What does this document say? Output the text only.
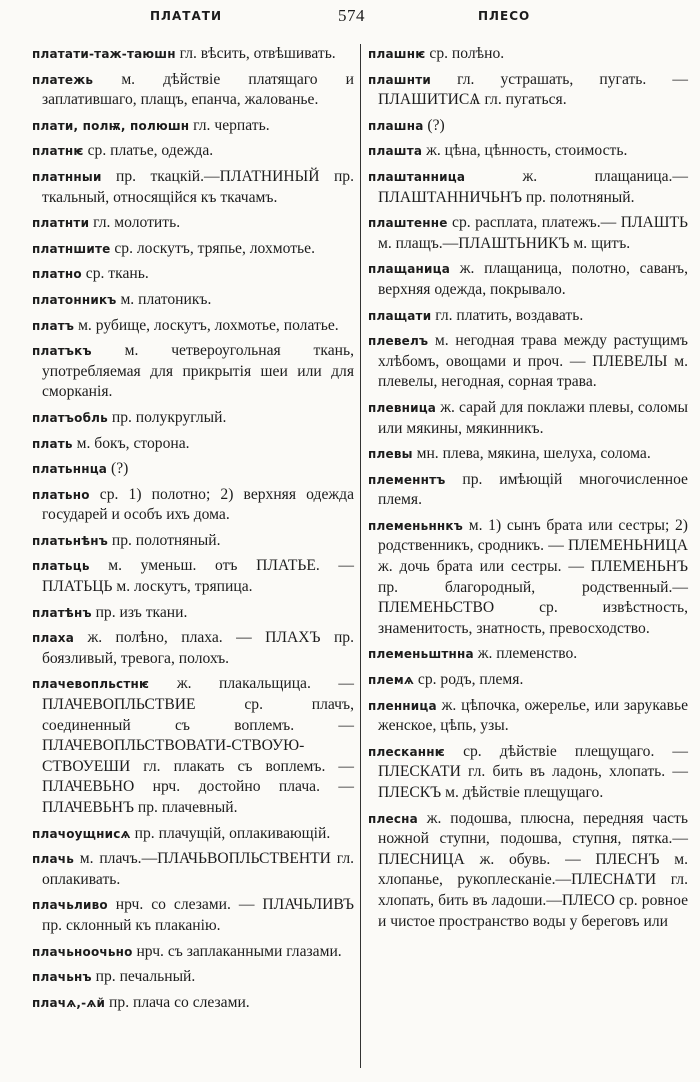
ПЛАТАТИ	574	ПЛЕСО

платати-таж-таюшн гл. вѣсить, отвѣшивать.

платежь м. дѣйствіе платящаго и заплатившаго, плащъ, епанча, жалованье.

плати, полѭ, полюшн гл. черпать.

платнѥ ср. платье, одежда.

платнныи пр. ткацкій.—ПЛАТНИНЫЙ пр. ткальный, относящійся къ ткачамъ.

платнти гл. молотить.

платншите ср. лоскутъ, тряпье, лохмотье.

платно ср. ткань.

платонникъ м. платоникъ.

платъ м. рубище, лоскутъ, лохмотье, полатье.

платъкъ м. четвероугольная ткань, употребляемая для прикрытія шеи или для сморканія.

платъобль пр. полукруглый.

плать м. бокъ, сторона.

платьннца (?)

платьно ср. 1) полотно; 2) верхняя одежда государей и особъ ихъ дома.

платьнѣнъ пр. полотняный.

платьць м. уменьш. отъ ПЛАТЬЕ. — ПЛАТЬЦЬ м. лоскутъ, тряпица.

платѣнъ пр. изъ ткани.

плаха ж. полѣно, плаха. — ПЛАХЪ пр. боязливый, тревога, полохъ.

плачевопльстнѥ ж. плакальщица. — ПЛАЧЕВОПЛЬСТВИЕ ср. плачъ, соединенный съ воплемъ. — ПЛАЧЕВОПЛЬСТВОВАТИ-СТВОУЮ-СТВОУЕШИ гл. плакать съ воплемъ. — ПЛАЧЕВЬНО нрч. достойно плача. — ПЛАЧЕВЬНЪ пр. плачевный.

плачоущнисѧ пр. плачущій, оплакивающій.

плачь м. плачъ.—ПЛАЧЬВОПЛЬСТВЕНТИ гл. оплакивать.

плачьливо нрч. со слезами. — ПЛАЧЬЛИВЪ пр. склонный къ плаканію.

плачьноочьно нрч. съ заплаканными глазами.

плачьнъ пр. печальный.

плачѧ,-ѧй пр. плача со слезами.

плашнѥ ср. полѣно.

плашнти гл. устрашать, пугать. — ПЛАШИТИСѦ гл. пугаться.

плашна (?)

плашта ж. цѣна, цѣнность, стоимость.

плаштанница	ж. плащаница.—ПЛАШТАННИЧЬНЪ пр. полотняный.

плаштенне ср. расплата, платежъ.— ПЛАШТЬ м. плащъ.—ПЛАШТЬНИКЪ м. щитъ.

плащаница ж. плащаница, полотно, саванъ, верхняя одежда, покрывало.

плащати гл. платить, воздавать.

плевелъ м. негодная трава между растущимъ хлѣбомъ, овощами и проч. — ПЛЕВЕЛЫ м. плевелы, негодная, сорная трава.

плевница ж. сарай для поклажи плевы, соломы или мякины, мякинникъ.

плевы мн. плева, мякина, шелуха, солома.

племеннтъ пр. имѣющій многочисленное племя.

племеньннкъ м. 1) сынъ брата или сестры; 2) родственникъ, сродникъ. — ПЛЕМЕНЬНИЦА ж. дочь брата или сестры. — ПЛЕМЕНЬНЪ пр. благородный, родственный.—ПЛЕМЕНЬСТВО ср. извѣстность, знаменитость, знатность, превосходство.

племеньштнна ж. племенство.

племѧ ср. родъ, племя.

пленница ж. цѣпочка, ожерелье, или зарукавье женское, цѣпь, узы.

плесканнѥ ср. дѣйствіе плещущаго. —ПЛЕСКАТИ гл. бить въ ладонь, хлопать. — ПЛЕСКЪ м. дѣйствіе плещущаго.

плесна ж. подошва, плюсна, передняя часть ножной ступни, подошва, ступня, пятка.—ПЛЕСНИЦА ж. обувь. — ПЛЕСНЪ м. хлопанье, рукоплесканіе.—ПЛЕСНѦТИ гл. хлопать, бить въ ладоши.—ПЛЕСО ср. ровное и чистое пространство воды у береговъ или
